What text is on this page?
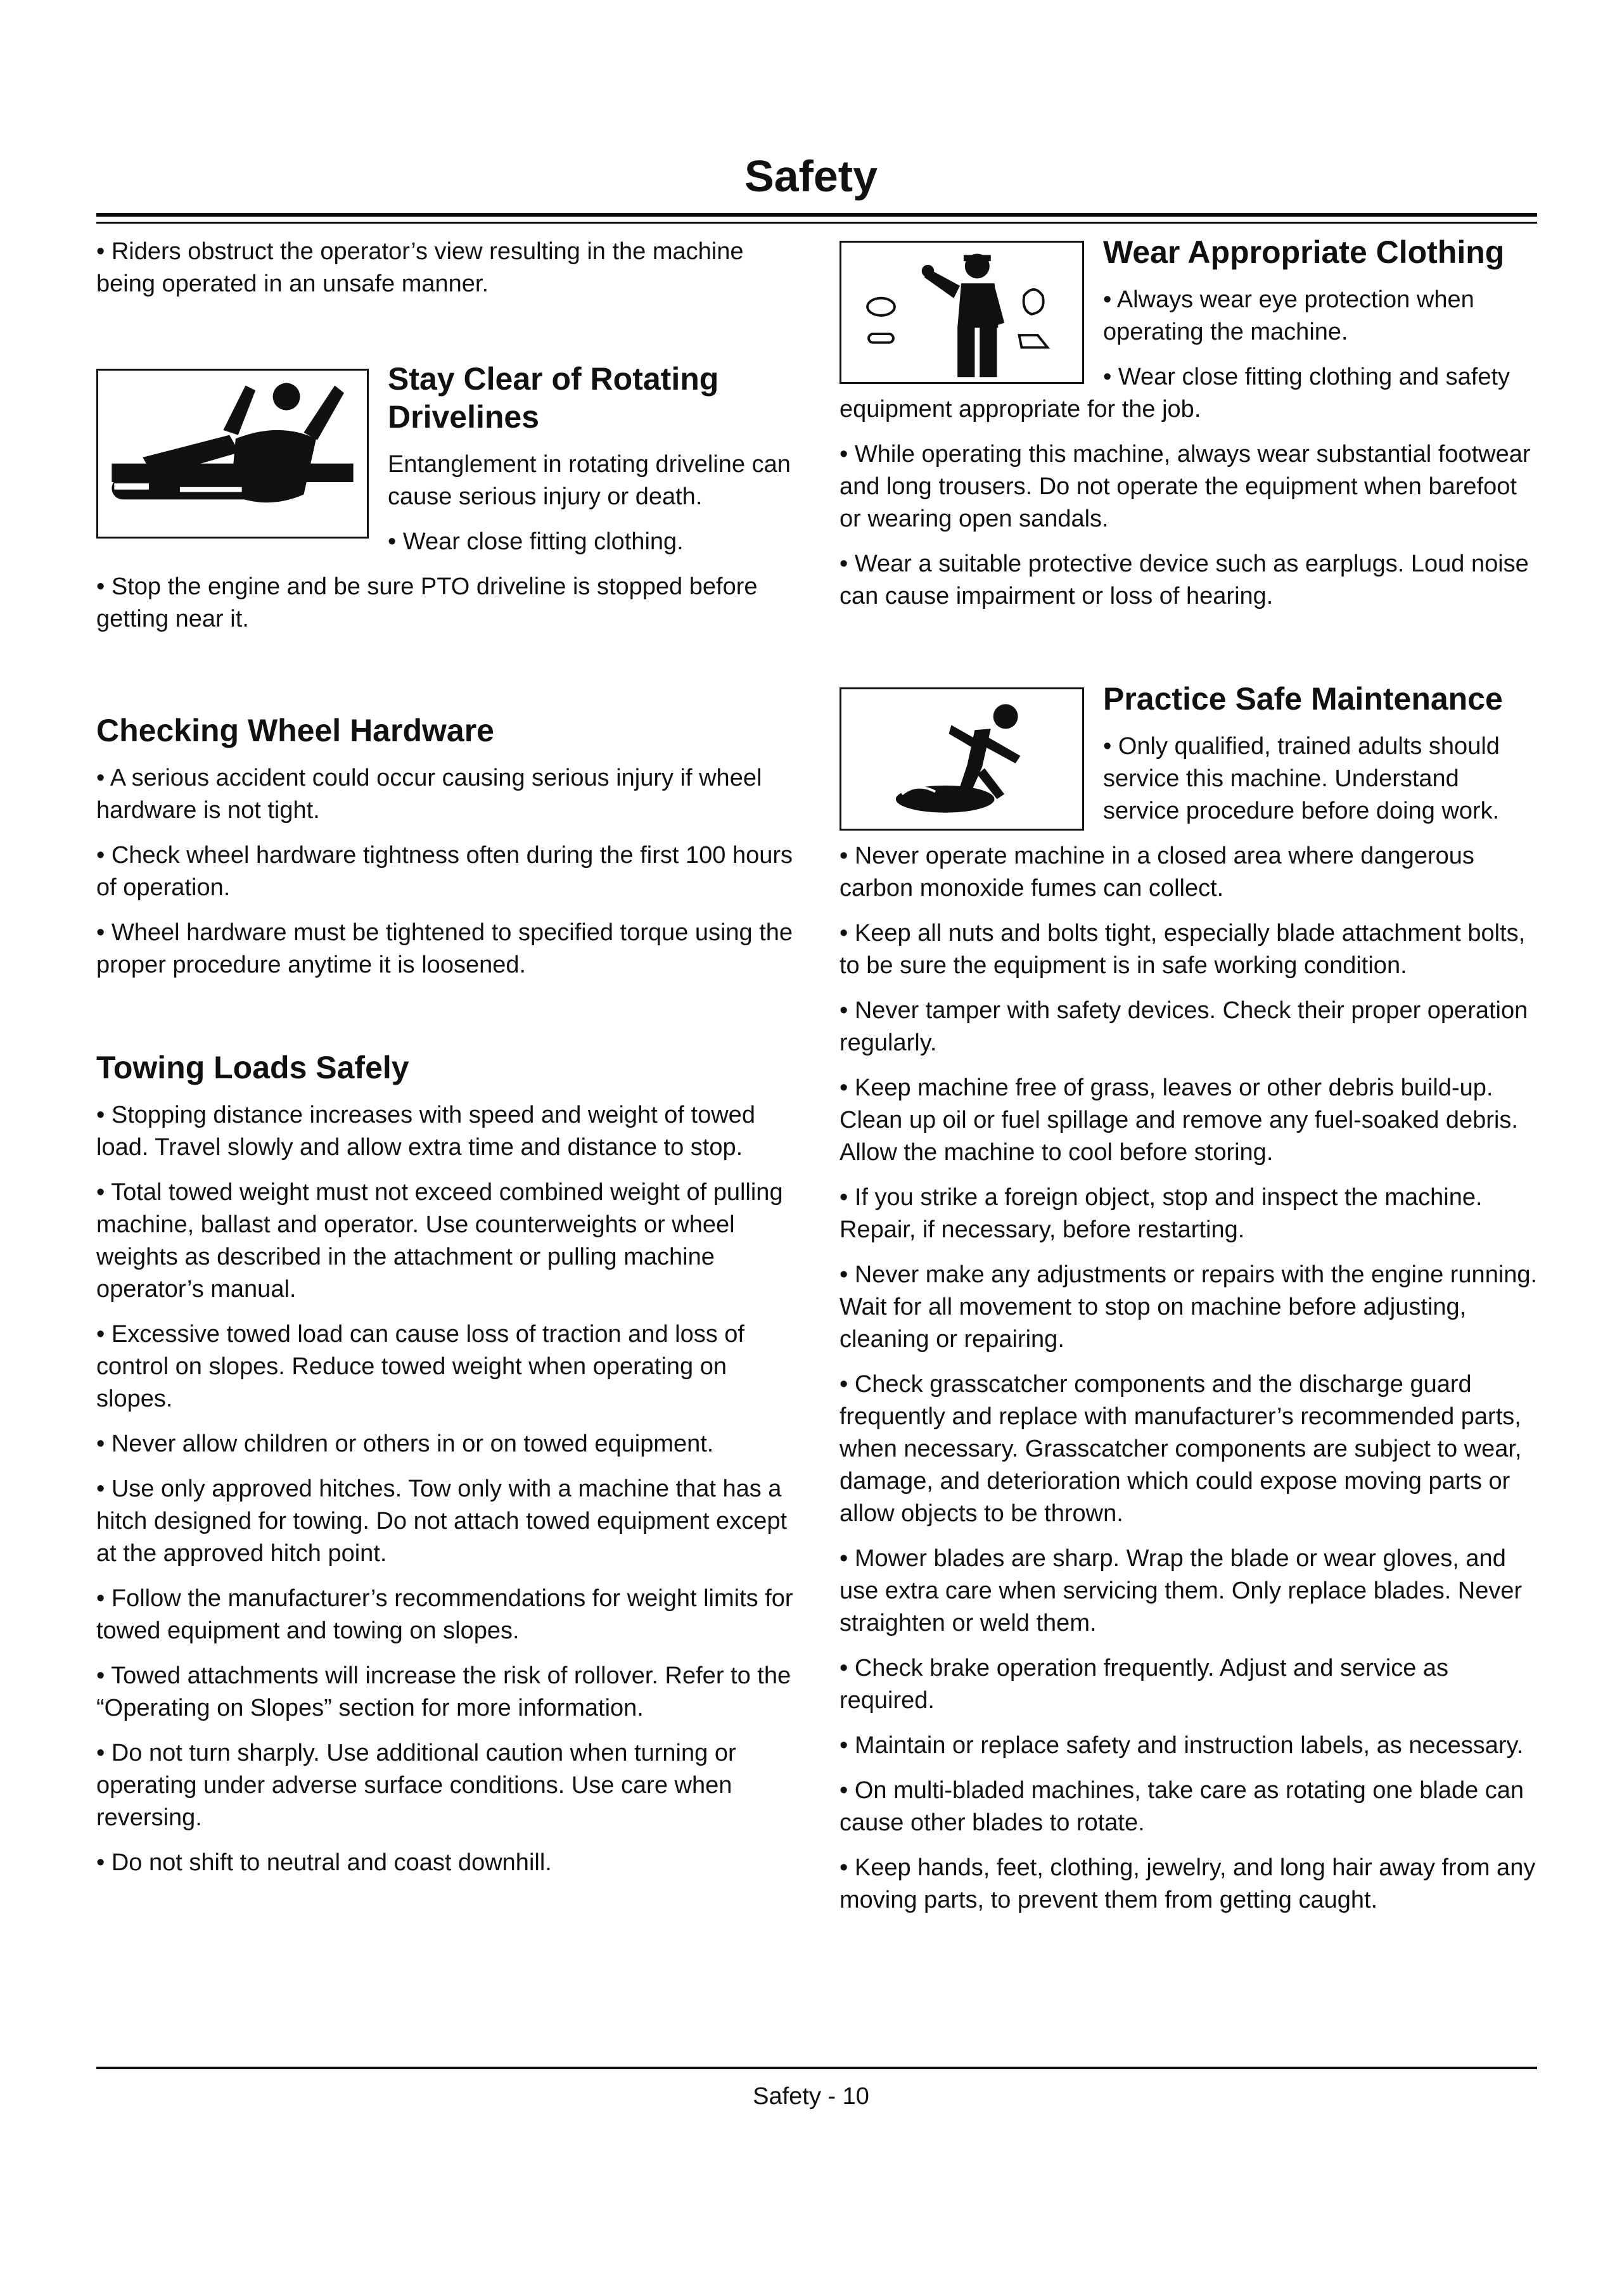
Safety

• Riders obstruct the operator’s view resulting in the machine being operated in an unsafe manner.

Stay Clear of Rotating Drivelines

Entanglement in rotating driveline can cause serious injury or death.

• Wear close fitting clothing.

• Stop the engine and be sure PTO driveline is stopped before getting near it.

Checking Wheel Hardware

• A serious accident could occur causing serious injury if wheel hardware is not tight.

• Check wheel hardware tightness often during the first 100 hours of operation.

• Wheel hardware must be tightened to specified torque using the proper procedure anytime it is loosened.

Towing Loads Safely

• Stopping distance increases with speed and weight of towed load. Travel slowly and allow extra time and distance to stop.

• Total towed weight must not exceed combined weight of pulling machine, ballast and operator. Use counterweights or wheel weights as described in the attachment or pulling machine operator’s manual.

• Excessive towed load can cause loss of traction and loss of control on slopes. Reduce towed weight when operating on slopes.

• Never allow children or others in or on towed equipment.

• Use only approved hitches. Tow only with a machine that has a hitch designed for towing. Do not attach towed equipment except at the approved hitch point.

• Follow the manufacturer’s recommendations for weight limits for towed equipment and towing on slopes.

• Towed attachments will increase the risk of rollover. Refer to the “Operating on Slopes” section for more information.

• Do not turn sharply. Use additional caution when turning or operating under adverse surface conditions. Use care when reversing.

• Do not shift to neutral and coast downhill.

Wear Appropriate Clothing

• Always wear eye protection when operating the machine.

• Wear close fitting clothing and safety equipment appropriate for the job.

• While operating this machine, always wear substantial footwear and long trousers. Do not operate the equipment when barefoot or wearing open sandals.

• Wear a suitable protective device such as earplugs. Loud noise can cause impairment or loss of hearing.

Practice Safe Maintenance

• Only qualified, trained adults should service this machine. Understand service procedure before doing work.

• Never operate machine in a closed area where dangerous carbon monoxide fumes can collect.

• Keep all nuts and bolts tight, especially blade attachment bolts, to be sure the equipment is in safe working condition.

• Never tamper with safety devices. Check their proper operation regularly.

• Keep machine free of grass, leaves or other debris build-up. Clean up oil or fuel spillage and remove any fuel-soaked debris. Allow the machine to cool before storing.

• If you strike a foreign object, stop and inspect the machine. Repair, if necessary, before restarting.

• Never make any adjustments or repairs with the engine running. Wait for all movement to stop on machine before adjusting, cleaning or repairing.

• Check grasscatcher components and the discharge guard frequently and replace with manufacturer’s recommended parts, when necessary. Grasscatcher components are subject to wear, damage, and deterioration which could expose moving parts or allow objects to be thrown.

• Mower blades are sharp. Wrap the blade or wear gloves, and use extra care when servicing them. Only replace blades. Never straighten or weld them.

• Check brake operation frequently. Adjust and service as required.

• Maintain or replace safety and instruction labels, as necessary.

• On multi-bladed machines, take care as rotating one blade can cause other blades to rotate.

• Keep hands, feet, clothing, jewelry, and long hair away from any moving parts, to prevent them from getting caught.

Safety - 10
